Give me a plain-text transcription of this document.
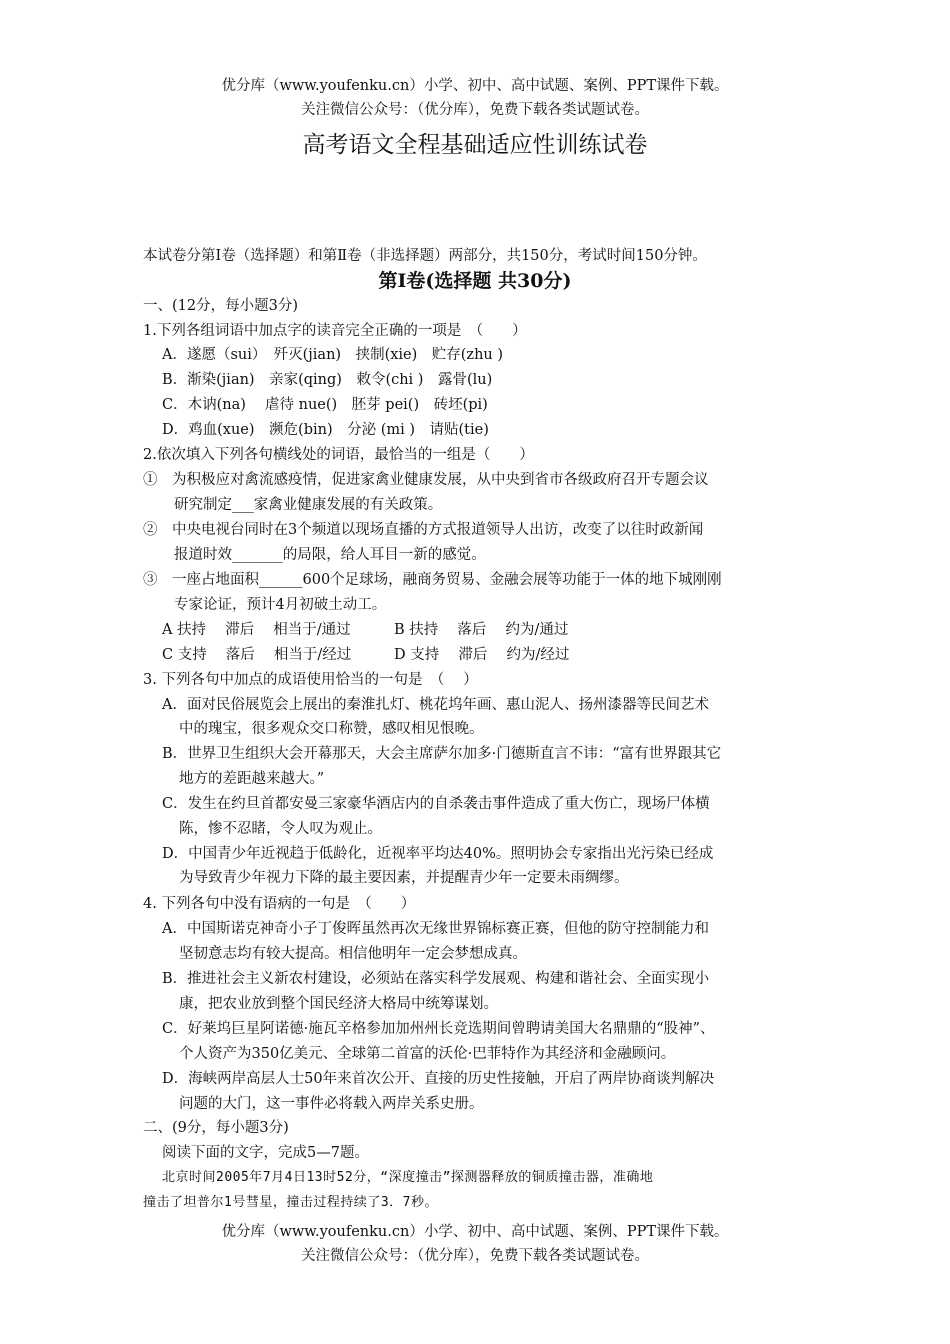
优分库（www.youfenku.cn）小学、初中、高中试题、案例、PPT课件下载。
关注微信公众号：（优分库），免费下载各类试题试卷。
高考语文全程基础适应性训练试卷
本试卷分第Ⅰ卷（选择题）和第Ⅱ卷（非选择题）两部分，共150分，考试时间150分钟。
第I卷(选择题 共30分)
一、(12分，每小题3分)
1.下列各组词语中加点字的读音完全正确的一项是　（　　）
A．遂愿（sui）　歼灭(jian)　挟制(xie)　贮存(zhu )
B．渐染(jian)　亲家(qing)　敕令(chi )　露骨(lu)
C．木讷(na)　 虐待 nue()　胚芽 pei()　砖坯(pi)
D．鸡血(xue)　濒危(bin)　分泌 (mi )　请贴(tie)
2.依次填入下列各句横线处的词语，最恰当的一组是（　　）
①　为积极应对禽流感疫情，促进家禽业健康发展，从中央到省市各级政府召开专题会议
研究制定___家禽业健康发展的有关政策。
②　中央电视台同时在3个频道以现场直播的方式报道领导人出访，改变了以往时政新闻
报道时效_______的局限，给人耳目一新的感觉。
③　一座占地面积______600个足球场，融商务贸易、金融会展等功能于一体的地下城刚刚
专家论证，预计4月初破土动工。
A 扶持　 滞后　 相当于/通过	B 扶持　 落后　 约为/通过
C 支持　 落后　 相当于/经过	D 支持　 滞后　 约为/经过
3. 下列各句中加点的成语使用恰当的一句是　（　 ）
A．面对民俗展览会上展出的秦淮扎灯、桃花坞年画、惠山泥人、扬州漆器等民间艺术
中的瑰宝，很多观众交口称赞，感叹相见恨晚。
B．世界卫生组织大会开幕那天，大会主席萨尔加多·门德斯直言不讳：“富有世界跟其它
地方的差距越来越大。”
C．发生在约旦首都安曼三家豪华酒店内的自杀袭击事件造成了重大伤亡，现场尸体横
陈，惨不忍睹，令人叹为观止。
D．中国青少年近视趋于低龄化，近视率平均达40%。照明协会专家指出光污染已经成
为导致青少年视力下降的最主要因素，并提醒青少年一定要未雨绸缪。
4. 下列各句中没有语病的一句是　（　　）
A．中国斯诺克神奇小子丁俊晖虽然再次无缘世界锦标赛正赛，但他的防守控制能力和
坚韧意志均有较大提高。相信他明年一定会梦想成真。
B．推进社会主义新农村建设，必须站在落实科学发展观、构建和谐社会、全面实现小
康，把农业放到整个国民经济大格局中统筹谋划。
C．好莱坞巨星阿诺德·施瓦辛格参加加州州长竞选期间曾聘请美国大名鼎鼎的“股神”、
个人资产为350亿美元、全球第二首富的沃伦·巴菲特作为其经济和金融顾问。
D．海峡两岸高层人士50年来首次公开、直接的历史性接触，开启了两岸协商谈判解决
问题的大门，这一事件必将载入两岸关系史册。
二、(9分，每小题3分)
阅读下面的文字，完成5—7题。
北京时间2005年7月4日13时52分，“深度撞击”探测器释放的铜质撞击器，准确地
撞击了坦普尔1号彗星，撞击过程持续了3．7秒。
优分库（www.youfenku.cn）小学、初中、高中试题、案例、PPT课件下载。
关注微信公众号：（优分库），免费下载各类试题试卷。
